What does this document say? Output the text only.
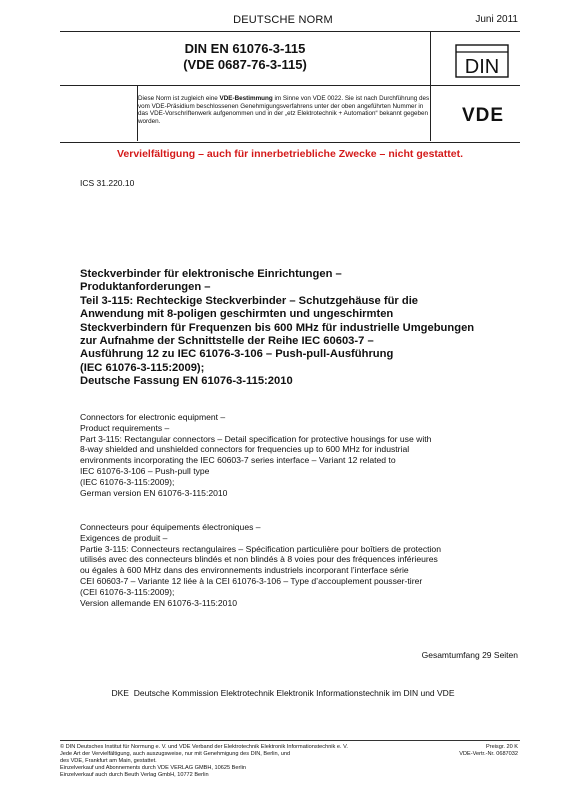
DEUTSCHE NORM	Juni 2011
DIN EN 61076-3-115
(VDE 0687-76-3-115)	DIN
Diese Norm ist zugleich eine VDE-Bestimmung im Sinne von VDE 0022. Sie ist nach Durchführung des vom VDE-Präsidium beschlossenen Genehmigungsverfahrens unter der oben angeführten Nummer in das VDE-Vorschriftenwerk aufgenommen und in der „etz Elektrotechnik + Automation“ bekannt gegeben worden.	VDE
Vervielfältigung – auch für innerbetriebliche Zwecke – nicht gestattet.
ICS 31.220.10
Steckverbinder für elektronische Einrichtungen –
Produktanforderungen –
Teil 3-115: Rechteckige Steckverbinder – Schutzgehäuse für die
Anwendung mit 8-poligen geschirmten und ungeschirmten
Steckverbindern für Frequenzen bis 600 MHz für industrielle Umgebungen
zur Aufnahme der Schnittstelle der Reihe IEC 60603-7 –
Ausführung 12 zu IEC 61076-3-106 – Push-pull-Ausführung
(IEC 61076-3-115:2009);
Deutsche Fassung EN 61076-3-115:2010
Connectors for electronic equipment –
Product requirements –
Part 3-115: Rectangular connectors – Detail specification for protective housings for use with
8-way shielded and unshielded connectors for frequencies up to 600 MHz for industrial
environments incorporating the IEC 60603-7 series interface – Variant 12 related to
IEC 61076-3-106 – Push-pull type
(IEC 61076-3-115:2009);
German version EN 61076-3-115:2010
Connecteurs pour équipements électroniques –
Exigences de produit –
Partie 3-115: Connecteurs rectangulaires – Spécification particulière pour boîtiers de protection
utilisés avec des connecteurs blindés et non blindés à 8 voies pour des fréquences inférieures
ou égales à 600 MHz dans des environnements industriels incorporant l’interface série
CEI 60603-7 – Variante 12 liée à la CEI 61076-3-106 – Type d’accouplement pousser-tirer
(CEI 61076-3-115:2009);
Version allemande EN 61076-3-115:2010
Gesamtumfang 29 Seiten
DKE Deutsche Kommission Elektrotechnik Elektronik Informationstechnik im DIN und VDE
© DIN Deutsches Institut für Normung e. V. und VDE Verband der Elektrotechnik Elektronik Informationstechnik e. V.
Jede Art der Vervielfältigung, auch auszugsweise, nur mit Genehmigung des DIN, Berlin, und
des VDE, Frankfurt am Main, gestattet.
Einzelverkauf und Abonnements durch VDE VERLAG GMBH, 10625 Berlin
Einzelverkauf auch durch Beuth Verlag GmbH, 10772 Berlin
Preisgr. 20 K
VDE-Vertr.-Nr. 0687032
